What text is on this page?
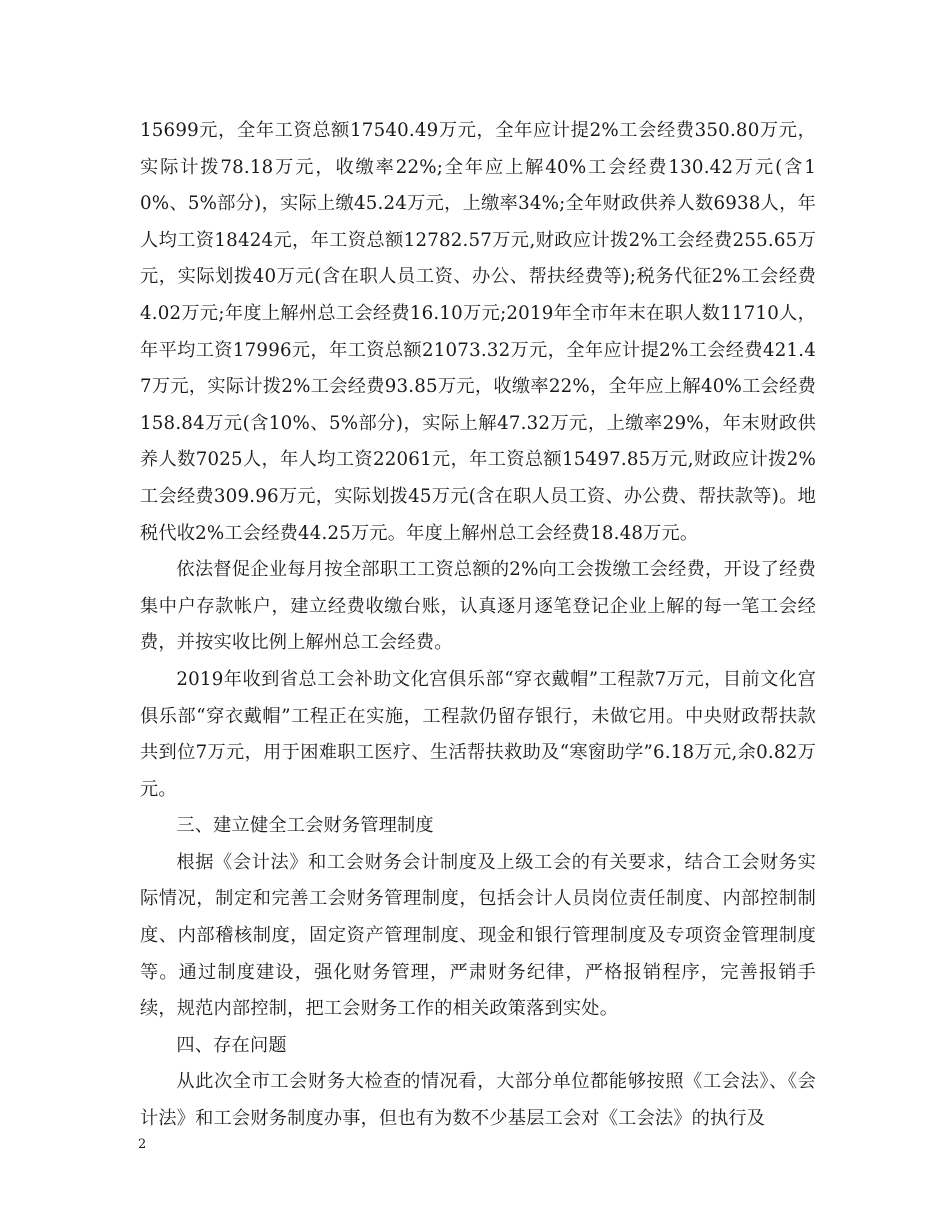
15699元，全年工资总额17540.49万元，全年应计提2%工会经费350.80万元，实际计拨78.18万元，收缴率22%;全年应上解40%工会经费130.42万元(含10%、5%部分)，实际上缴45.24万元，上缴率34%;全年财政供养人数6938人，年人均工资18424元，年工资总额12782.57万元,财政应计拨2%工会经费255.65万元，实际划拨40万元(含在职人员工资、办公、帮扶经费等);税务代征2%工会经费4.02万元;年度上解州总工会经费16.10万元;2019年全市年末在职人数11710人，年平均工资17996元，年工资总额21073.32万元，全年应计提2%工会经费421.47万元，实际计拨2%工会经费93.85万元，收缴率22%，全年应上解40%工会经费158.84万元(含10%、5%部分)，实际上解47.32万元，上缴率29%，年末财政供养人数7025人，年人均工资22061元，年工资总额15497.85万元,财政应计拨2%工会经费309.96万元，实际划拨45万元(含在职人员工资、办公费、帮扶款等)。地税代收2%工会经费44.25万元。年度上解州总工会经费18.48万元。

依法督促企业每月按全部职工工资总额的2%向工会拨缴工会经费，开设了经费集中户存款帐户，建立经费收缴台账，认真逐月逐笔登记企业上解的每一笔工会经费，并按实收比例上解州总工会经费。

2019年收到省总工会补助文化宫俱乐部“穿衣戴帽”工程款7万元，目前文化宫俱乐部“穿衣戴帽”工程正在实施，工程款仍留存银行，未做它用。中央财政帮扶款共到位7万元，用于困难职工医疗、生活帮扶救助及“寒窗助学”6.18万元,余0.82万元。

三、建立健全工会财务管理制度

根据《会计法》和工会财务会计制度及上级工会的有关要求，结合工会财务实际情况，制定和完善工会财务管理制度，包括会计人员岗位责任制度、内部控制制度、内部稽核制度，固定资产管理制度、现金和银行管理制度及专项资金管理制度等。通过制度建设，强化财务管理，严肃财务纪律，严格报销程序，完善报销手续，规范内部控制，把工会财务工作的相关政策落到实处。

四、存在问题

从此次全市工会财务大检查的情况看，大部分单位都能够按照《工会法》、《会计法》和工会财务制度办事，但也有为数不少基层工会对《工会法》的执行及

2
